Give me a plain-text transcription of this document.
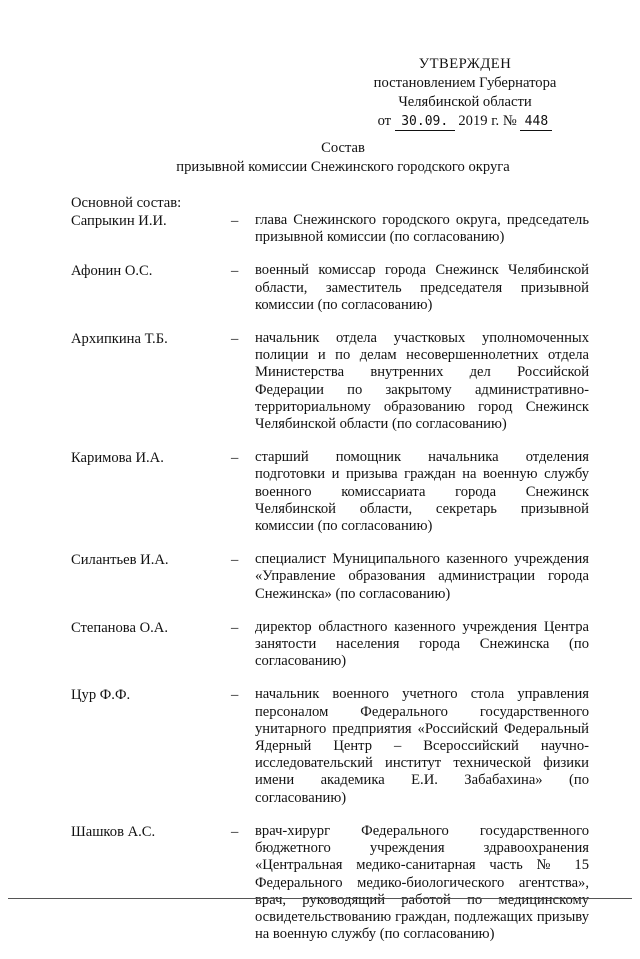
УТВЕРЖДЕН
постановлением Губернатора
Челябинской области
от 30.09. 2019 г. № 448
Состав
призывной комиссии Снежинского городского округа
Основной состав:
Сапрыкин И.И.	–	глава Снежинского городского округа, председатель призывной комиссии (по согласованию)
Афонин О.С.	–	военный комиссар города Снежинск Челябинской области, заместитель председателя призывной комиссии (по согласованию)
Архипкина Т.Б.	–	начальник отдела участковых уполномоченных полиции и по делам несовершеннолетних отдела Министерства внутренних дел Российской Федерации по закрытому административно-территориальному образованию город Снежинск Челябинской области (по согласованию)
Каримова И.А.	–	старший помощник начальника отделения подготовки и призыва граждан на военную службу военного комиссариата города Снежинск Челябинской области, секретарь призывной комиссии (по согласованию)
Силантьев И.А.	–	специалист Муниципального казенного учреждения «Управление образования администрации города Снежинска» (по согласованию)
Степанова О.А.	–	директор областного казенного учреждения Центра занятости населения города Снежинска (по согласованию)
Цур Ф.Ф.	–	начальник военного учетного стола управления персоналом Федерального государственного унитарного предприятия «Российский Федеральный Ядерный Центр – Всероссийский научно-исследовательский институт технической физики имени академика Е.И. Забабахина» (по согласованию)
Шашков А.С.	–	врач-хирург Федерального государственного бюджетного учреждения здравоохранения «Центральная медико-санитарная часть № 15 Федерального медико-биологического агентства», врач, руководящий работой по медицинскому освидетельствованию граждан, подлежащих призыву на военную службу (по согласованию)
